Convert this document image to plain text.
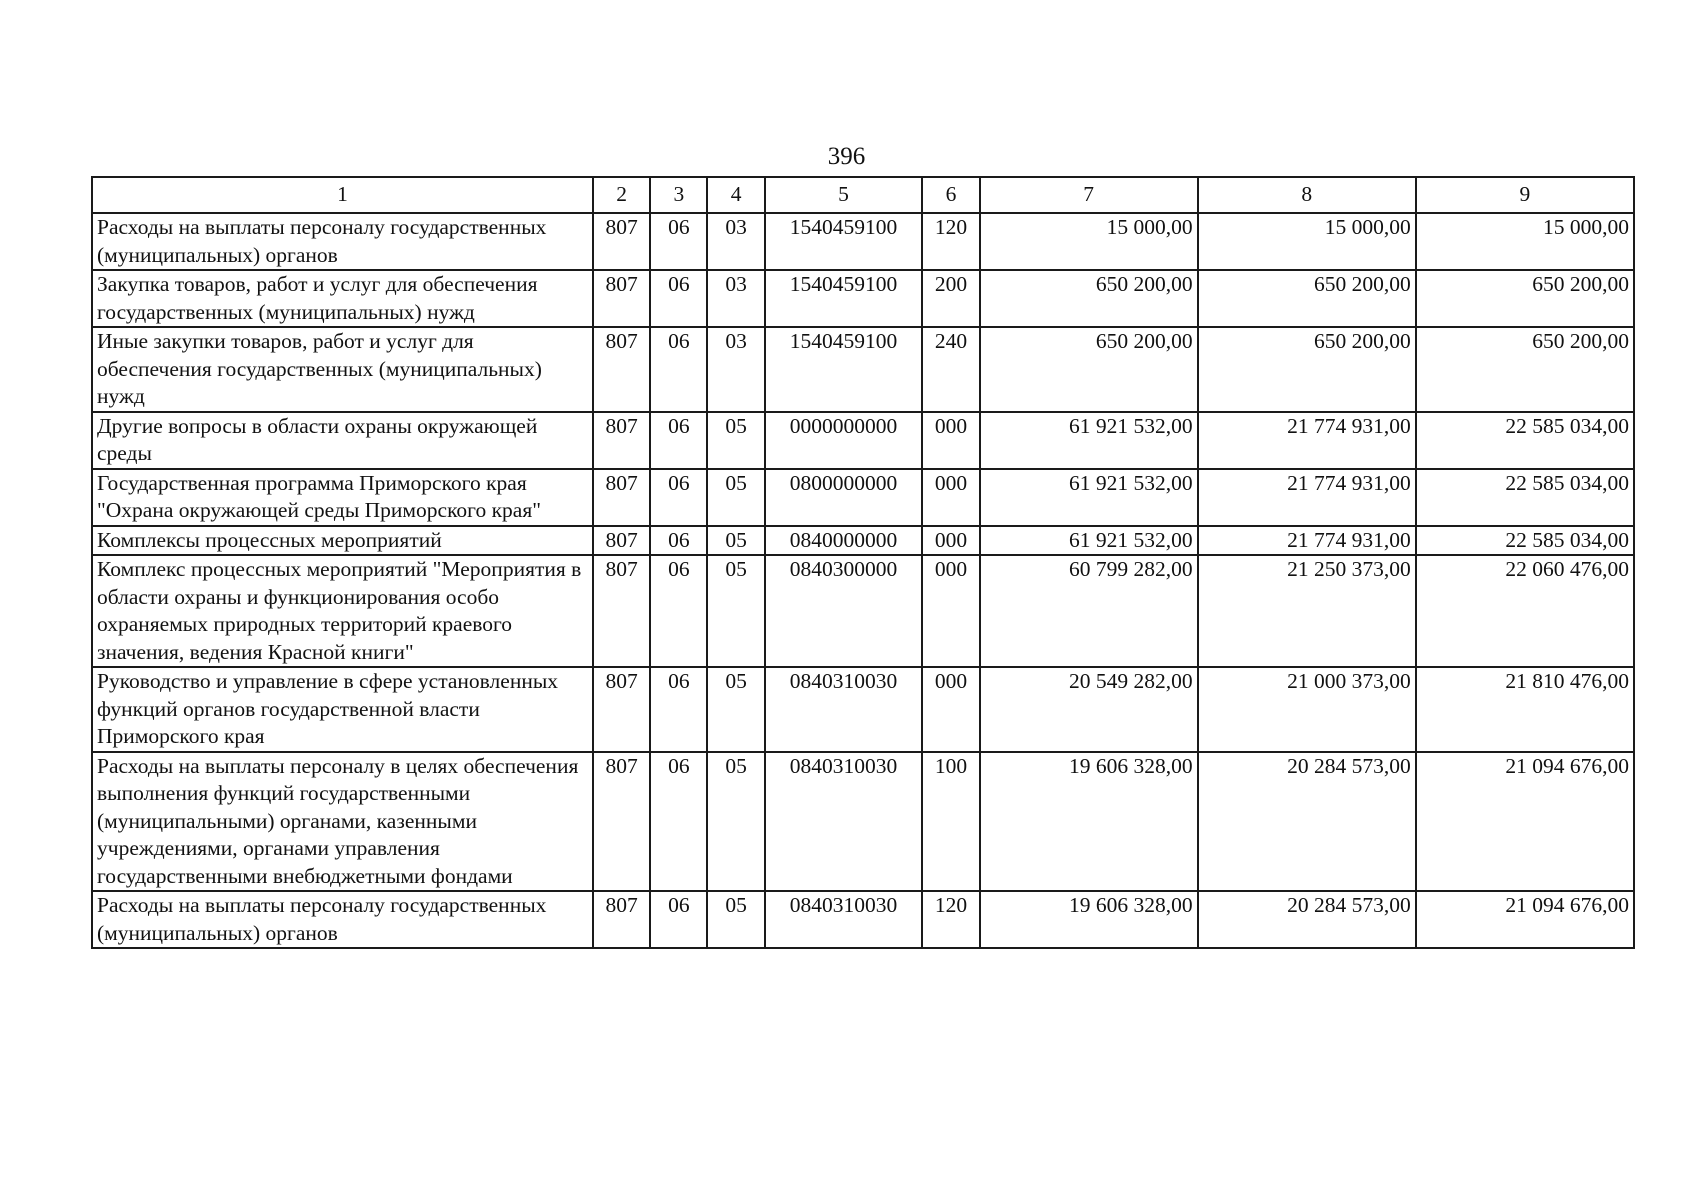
396
1	2	3	4	5	6	7	8	9
Расходы на выплаты персоналу государственных (муниципальных) органов	807	06	03	1540459100	120	15 000,00	15 000,00	15 000,00
Закупка товаров, работ и услуг для обеспечения государственных (муниципальных) нужд	807	06	03	1540459100	200	650 200,00	650 200,00	650 200,00
Иные закупки товаров, работ и услуг для обеспечения государственных (муниципальных) нужд	807	06	03	1540459100	240	650 200,00	650 200,00	650 200,00
Другие вопросы в области охраны окружающей среды	807	06	05	0000000000	000	61 921 532,00	21 774 931,00	22 585 034,00
Государственная программа Приморского края "Охрана окружающей среды Приморского края"	807	06	05	0800000000	000	61 921 532,00	21 774 931,00	22 585 034,00
Комплексы процессных мероприятий	807	06	05	0840000000	000	61 921 532,00	21 774 931,00	22 585 034,00
Комплекс процессных мероприятий "Мероприятия в области охраны и функционирования особо охраняемых природных территорий краевого значения, ведения Красной книги"	807	06	05	0840300000	000	60 799 282,00	21 250 373,00	22 060 476,00
Руководство и управление в сфере установленных функций органов государственной власти Приморского края	807	06	05	0840310030	000	20 549 282,00	21 000 373,00	21 810 476,00
Расходы на выплаты персоналу в целях обеспечения выполнения функций государственными (муниципальными) органами, казенными учреждениями, органами управления государственными внебюджетными фондами	807	06	05	0840310030	100	19 606 328,00	20 284 573,00	21 094 676,00
Расходы на выплаты персоналу государственных (муниципальных) органов	807	06	05	0840310030	120	19 606 328,00	20 284 573,00	21 094 676,00
